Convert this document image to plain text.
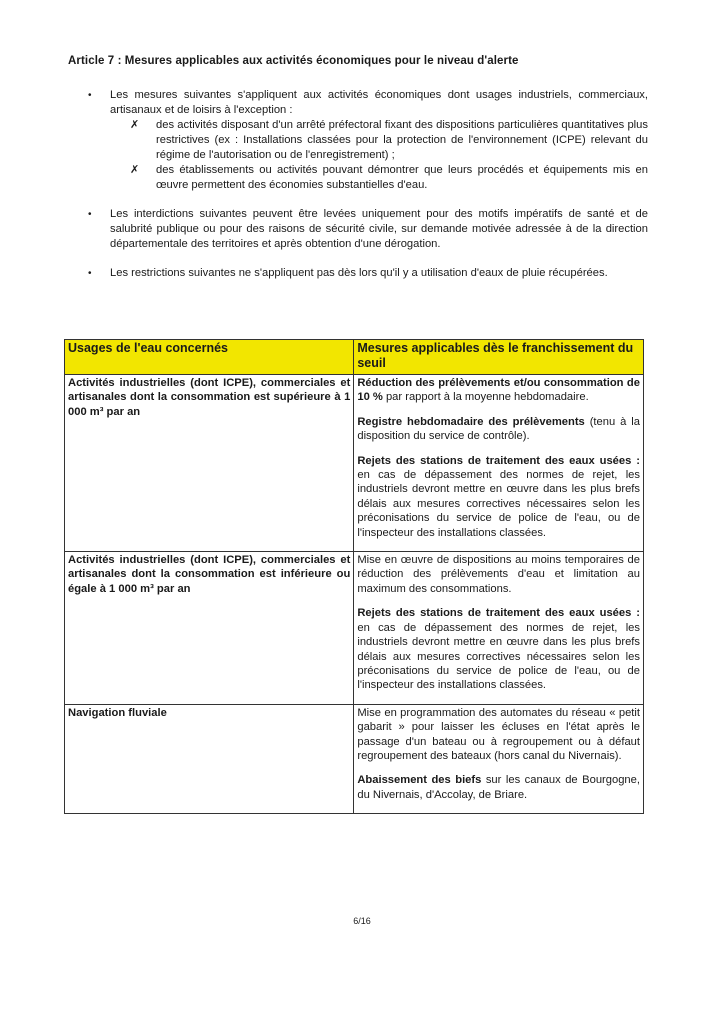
Article 7 : Mesures applicables aux activités économiques pour le niveau d'alerte
• Les mesures suivantes s'appliquent aux activités économiques dont usages industriels, commerciaux, artisanaux et de loisirs à l'exception :
✗ des activités disposant d'un arrêté préfectoral fixant des dispositions particulières quantitatives plus restrictives (ex : Installations classées pour la protection de l'environnement (ICPE) relevant du régime de l'autorisation ou de l'enregistrement) ;
✗ des établissements ou activités pouvant démontrer que leurs procédés et équipements mis en œuvre permettent des économies substantielles d'eau.
• Les interdictions suivantes peuvent être levées uniquement pour des motifs impératifs de santé et de salubrité publique ou pour des raisons de sécurité civile, sur demande motivée adressée à de la direction départementale des territoires et après obtention d'une dérogation.
• Les restrictions suivantes ne s'appliquent pas dès lors qu'il y a utilisation d'eaux de pluie récupérées.
Usages de l'eau concernés	Mesures applicables dès le franchissement du seuil
Activités industrielles (dont ICPE), commerciales et artisanales dont la consommation est supérieure à 1 000 m³ par an	Réduction des prélèvements et/ou consommation de 10 % par rapport à la moyenne hebdomadaire.
Registre hebdomadaire des prélèvements (tenu à la disposition du service de contrôle).
Rejets des stations de traitement des eaux usées : en cas de dépassement des normes de rejet, les industriels devront mettre en œuvre dans les plus brefs délais aux mesures correctives nécessaires selon les préconisations du service de police de l'eau, ou de l'inspecteur des installations classées.

Activités industrielles (dont ICPE), commerciales et artisanales dont la consommation est inférieure ou égale à 1 000 m³ par an	Mise en œuvre de dispositions au moins temporaires de réduction des prélèvements d'eau et limitation au maximum des consommations.
Rejets des stations de traitement des eaux usées : en cas de dépassement des normes de rejet, les industriels devront mettre en œuvre dans les plus brefs délais aux mesures correctives nécessaires selon les préconisations du service de police de l'eau, ou de l'inspecteur des installations classées.

Navigation fluviale	Mise en programmation des automates du réseau « petit gabarit » pour laisser les écluses en l'état après le passage d'un bateau ou à regroupement ou à défaut regroupement des bateaux (hors canal du Nivernais).
Abaissement des biefs sur les canaux de Bourgogne, du Nivernais, d'Accolay, de Briare.
6/16
